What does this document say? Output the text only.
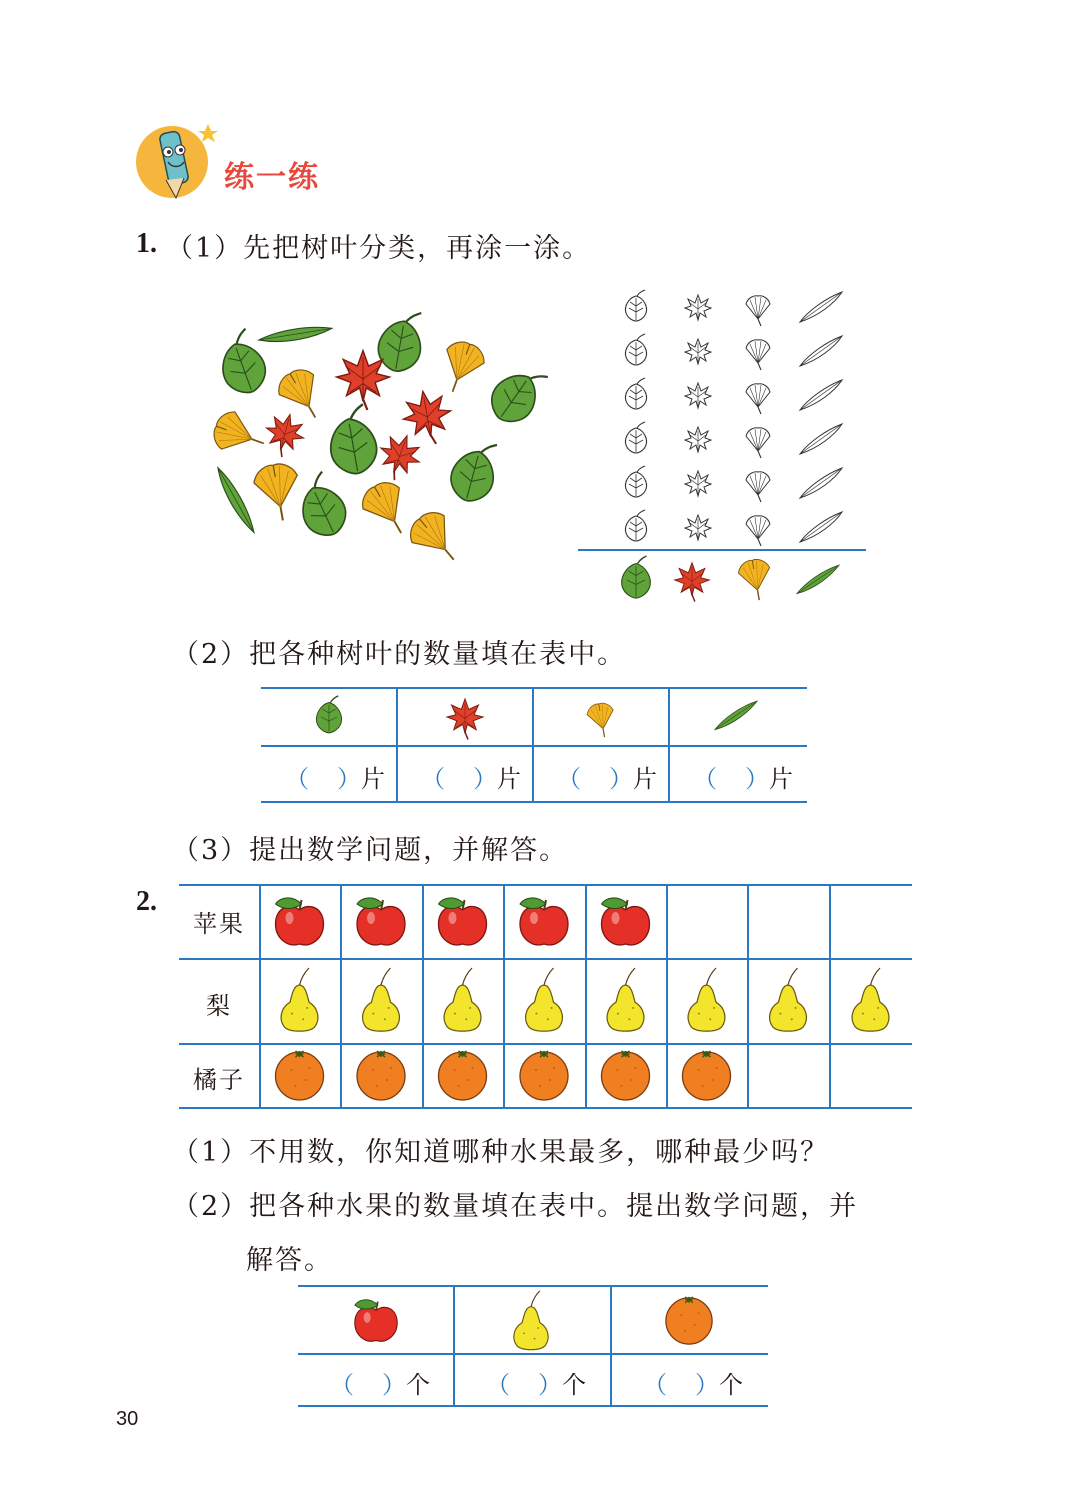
练一练
1. （1）先把树叶分类，再涂一涂。
（2）把各种树叶的数量填在表中。
（ ）片 （ ）片 （ ）片 （ ）片
（3）提出数学问题，并解答。
2.
苹果
梨
橘子
（1）不用数，你知道哪种水果最多，哪种最少吗？
（2）把各种水果的数量填在表中。提出数学问题，并
解答。
（ ）个 （ ）个 （ ）个
30
